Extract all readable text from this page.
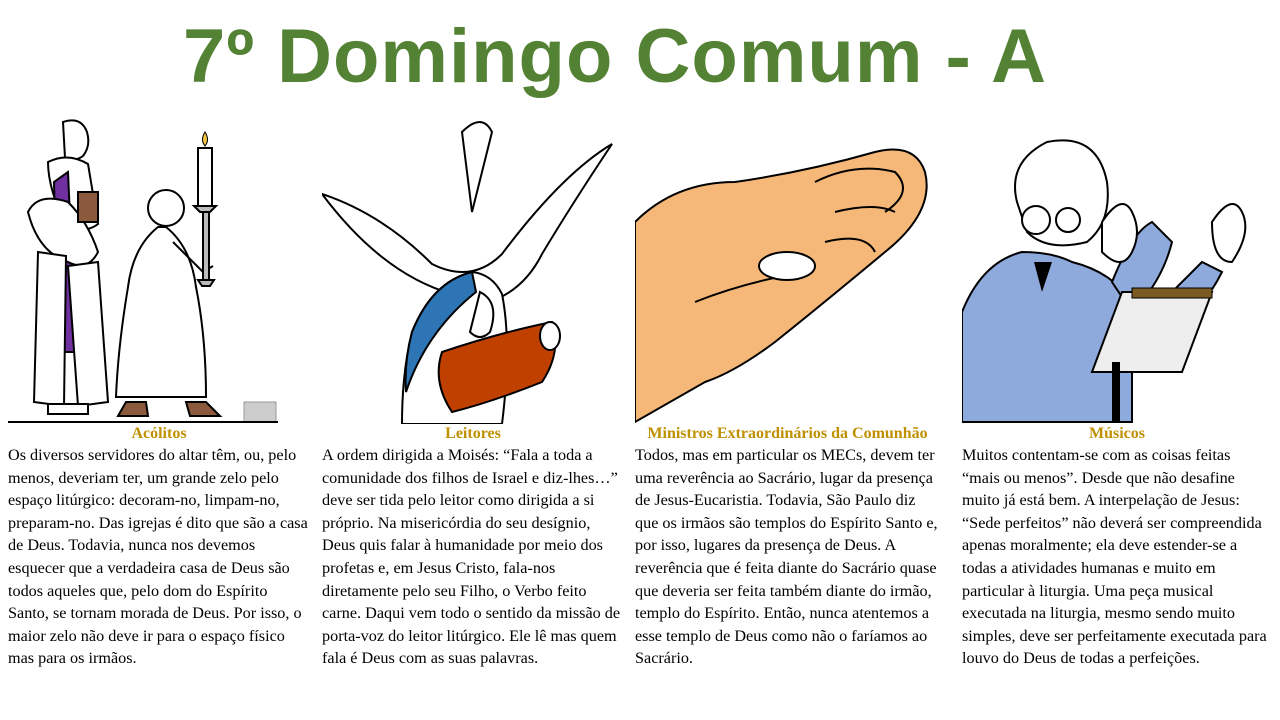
7º Domingo Comum - A
Acólitos

Os diversos servidores do altar têm, ou, pelo menos, deveriam ter, um grande zelo pelo espaço litúrgico: decoram-no, limpam-no, preparam-no. Das igrejas é dito que são a casa de Deus. Todavia, nunca nos devemos esquecer que a verdadeira casa de Deus são todos aqueles que, pelo dom do Espírito Santo, se tornam morada de Deus. Por isso, o maior zelo não deve ir para o espaço físico mas para os irmãos.

Leitores

A ordem dirigida a Moisés: “Fala a toda a comunidade dos filhos de Israel e diz-lhes…” deve ser tida pelo leitor como dirigida a si próprio. Na misericórdia do seu desígnio, Deus quis falar à humanidade por meio dos profetas e, em Jesus Cristo, fala-nos diretamente pelo seu Filho, o Verbo feito carne. Daqui vem todo o sentido da missão de porta-voz do leitor litúrgico. Ele lê mas quem fala é Deus com as suas palavras.

Ministros Extraordinários da Comunhão

Todos, mas em particular os MECs, devem ter uma reverência ao Sacrário, lugar da presença de Jesus-Eucaristia. Todavia, São Paulo diz que os irmãos são templos do Espírito Santo e, por isso, lugares da presença de Deus. A reverência que é feita diante do Sacrário quase que deveria ser feita também diante do irmão, templo do Espírito. Então, nunca atentemos a esse templo de Deus como não o faríamos ao Sacrário.

Músicos

Muitos contentam-se com as coisas feitas “mais ou menos”. Desde que não desafine muito já está bem. A interpelação de Jesus: “Sede perfeitos” não deverá ser compreendida apenas moralmente; ela deve estender-se a todas a atividades humanas e muito em particular à liturgia. Uma peça musical executada na liturgia, mesmo sendo muito simples, deve ser perfeitamente executada para louvo do Deus de todas a perfeições.
